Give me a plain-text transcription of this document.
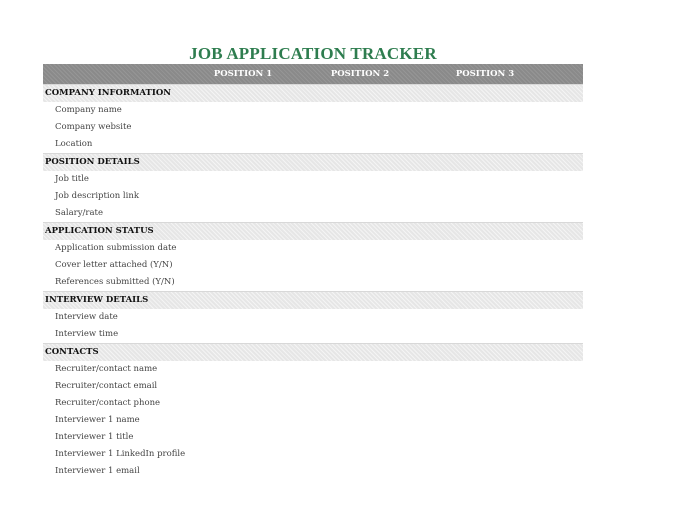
JOB APPLICATION TRACKER
POSITION 1	POSITION 2	POSITION 3
COMPANY INFORMATION
Company name
Company website
Location
POSITION DETAILS
Job title
Job description link
Salary/rate
APPLICATION STATUS
Application submission date
Cover letter attached (Y/N)
References submitted (Y/N)
INTERVIEW DETAILS
Interview date
Interview time
CONTACTS
Recruiter/contact name
Recruiter/contact email
Recruiter/contact phone
Interviewer 1 name
Interviewer 1 title
Interviewer 1 LinkedIn profile
Interviewer 1 email
